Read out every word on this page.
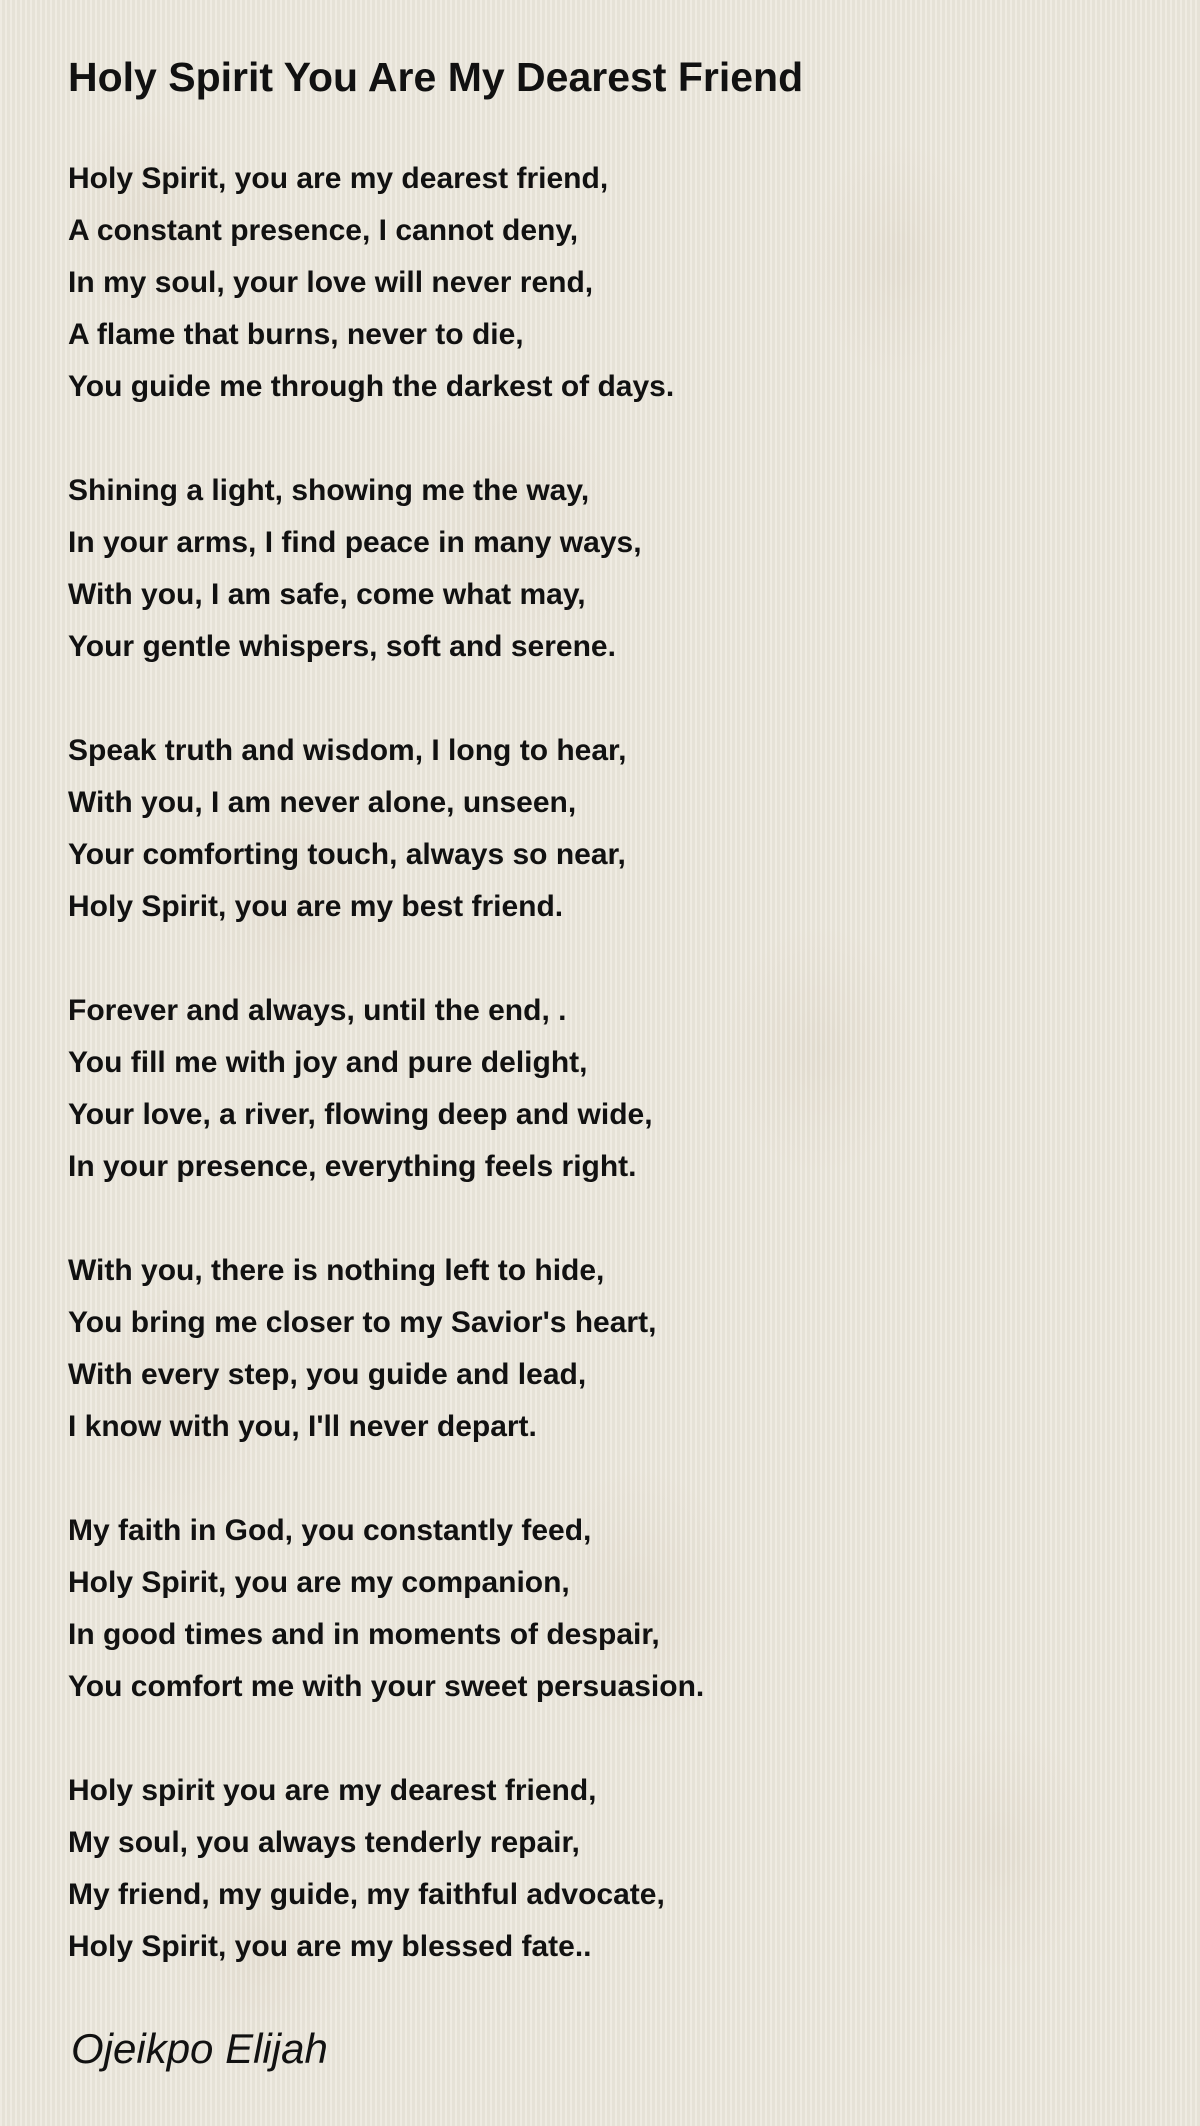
Holy Spirit You Are My Dearest Friend
Holy Spirit, you are my dearest friend,
A constant presence, I cannot deny,
In my soul, your love will never rend,
A flame that burns, never to die,
You guide me through the darkest of days.
Shining a light, showing me the way,
In your arms, I find peace in many ways,
With you, I am safe, come what may,
Your gentle whispers, soft and serene.
Speak truth and wisdom, I long to hear,
With you, I am never alone, unseen,
Your comforting touch, always so near,
Holy Spirit, you are my best friend.
Forever and always, until the end, .
You fill me with joy and pure delight,
Your love, a river, flowing deep and wide,
In your presence, everything feels right.
With you, there is nothing left to hide,
You bring me closer to my Savior's heart,
With every step, you guide and lead,
I know with you, I'll never depart.
My faith in God, you constantly feed,
Holy Spirit, you are my companion,
In good times and in moments of despair,
You comfort me with your sweet persuasion.
Holy spirit you are my dearest friend,
My soul, you always tenderly repair,
My friend, my guide, my faithful advocate,
Holy Spirit, you are my blessed fate..
Ojeikpo Elijah
